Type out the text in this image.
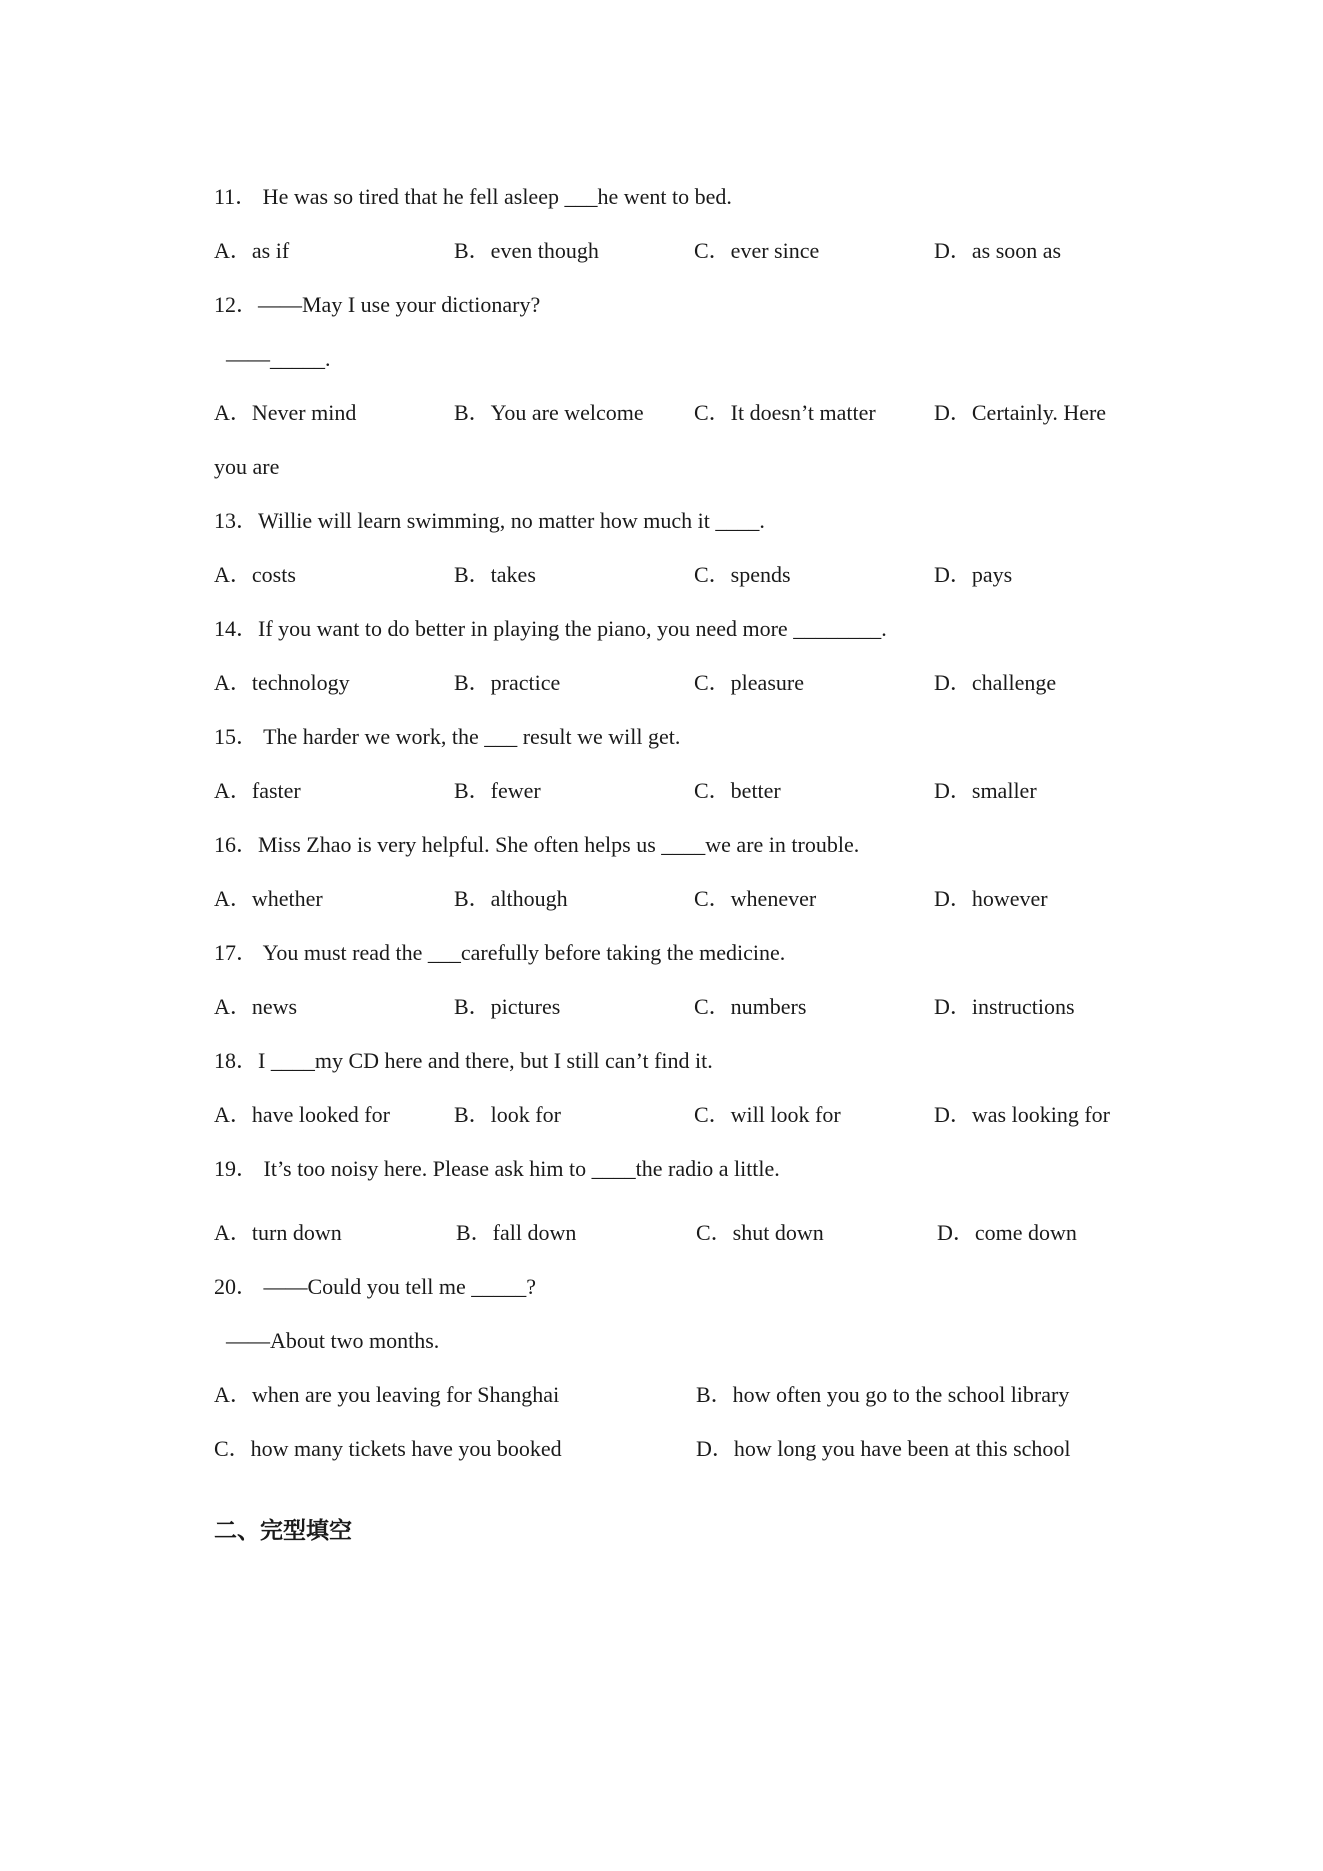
11． He was so tired that he fell asleep ___he went to bed.
A．as if	B．even though	C．ever since	D．as soon as
12．——May I use your dictionary?
——_____.
A．Never mind	B．You are welcome C．It doesn’t matter	D．Certainly. Here
you are
13．Willie will learn swimming, no matter how much it ____.
A．costs	B．takes	C．spends	D．pays
14．If you want to do better in playing the piano, you need more ________.
A．technology	B．practice	C．pleasure	D．challenge
15． The harder we work, the ___ result we will get.
A．faster	B．fewer	C．better	D．smaller
16．Miss Zhao is very helpful. She often helps us ____we are in trouble.
A．whether	B．although	C．whenever	D．however
17． You must read the ___carefully before taking the medicine.
A．news	B．pictures	C．numbers	D．instructions
18．I ____my CD here and there, but I still can’t find it.
A．have looked for	B．look for	C．will look for	D．was looking for
19． It’s too noisy here. Please ask him to ____the radio a little.
A．turn down	B．fall down	C．shut down	D．come down
20． ——Could you tell me _____?
——About two months.
A．when are you leaving for Shanghai	B．how often you go to the school library
C．how many tickets have you booked	D．how long you have been at this school
二、完型填空
